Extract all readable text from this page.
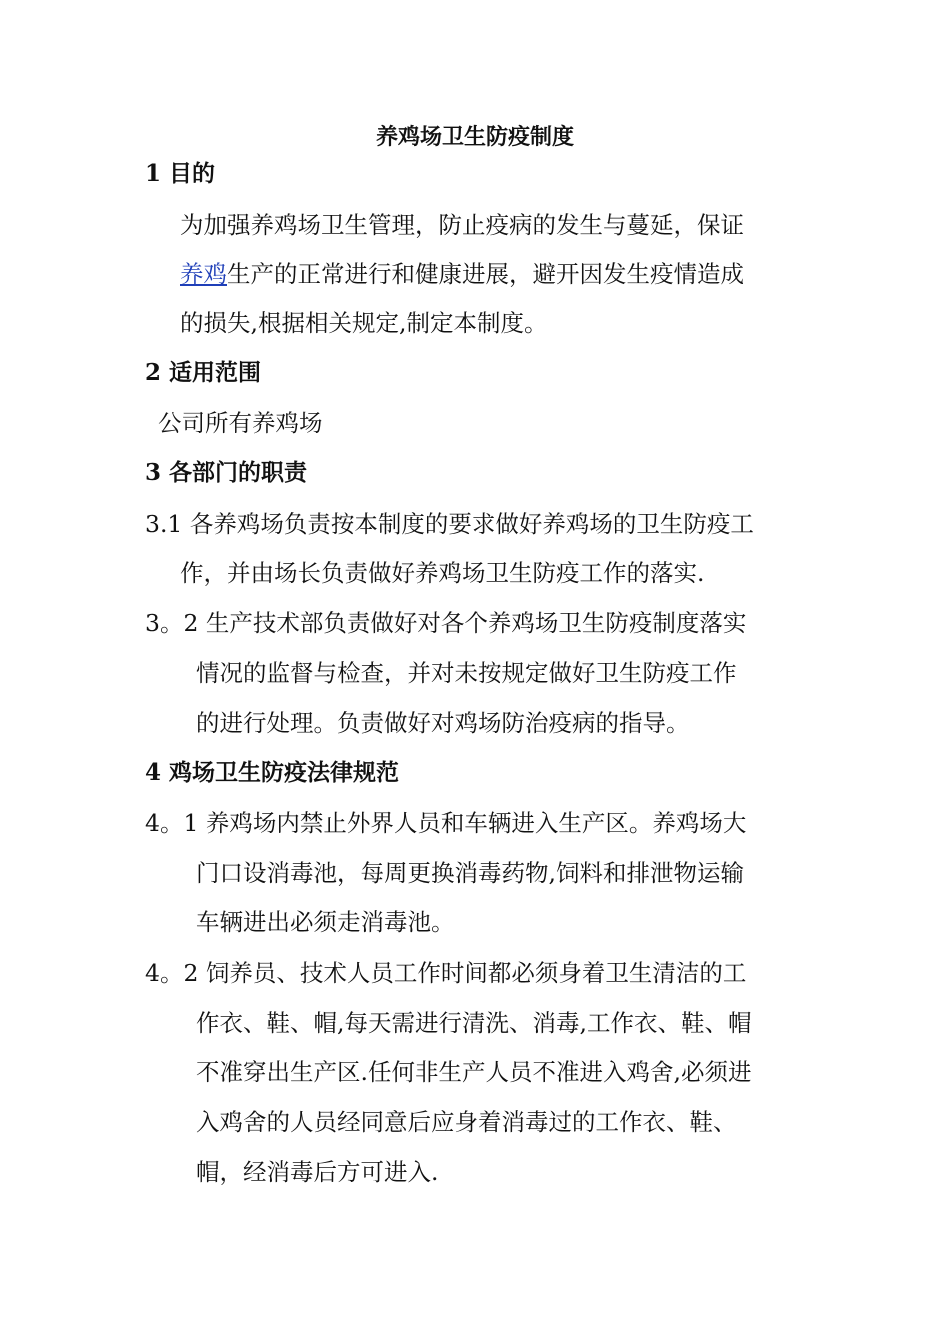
养鸡场卫生防疫制度
1 目的
为加强养鸡场卫生管理，防止疫病的发生与蔓延，保证
养鸡生产的正常进行和健康进展，避开因发生疫情造成
的损失,根据相关规定,制定本制度。
2 适用范围
公司所有养鸡场
3 各部门的职责
3.1 各养鸡场负责按本制度的要求做好养鸡场的卫生防疫工
作，并由场长负责做好养鸡场卫生防疫工作的落实.
3。2 生产技术部负责做好对各个养鸡场卫生防疫制度落实
情况的监督与检查，并对未按规定做好卫生防疫工作
的进行处理。负责做好对鸡场防治疫病的指导。
4 鸡场卫生防疫法律规范
4。1 养鸡场内禁止外界人员和车辆进入生产区。养鸡场大
门口设消毒池，每周更换消毒药物,饲料和排泄物运输
车辆进出必须走消毒池。
4。2 饲养员、技术人员工作时间都必须身着卫生清洁的工
作衣、鞋、帽,每天需进行清洗、消毒,工作衣、鞋、帽
不准穿出生产区.任何非生产人员不准进入鸡舍,必须进
入鸡舍的人员经同意后应身着消毒过的工作衣、鞋、
帽，经消毒后方可进入.
